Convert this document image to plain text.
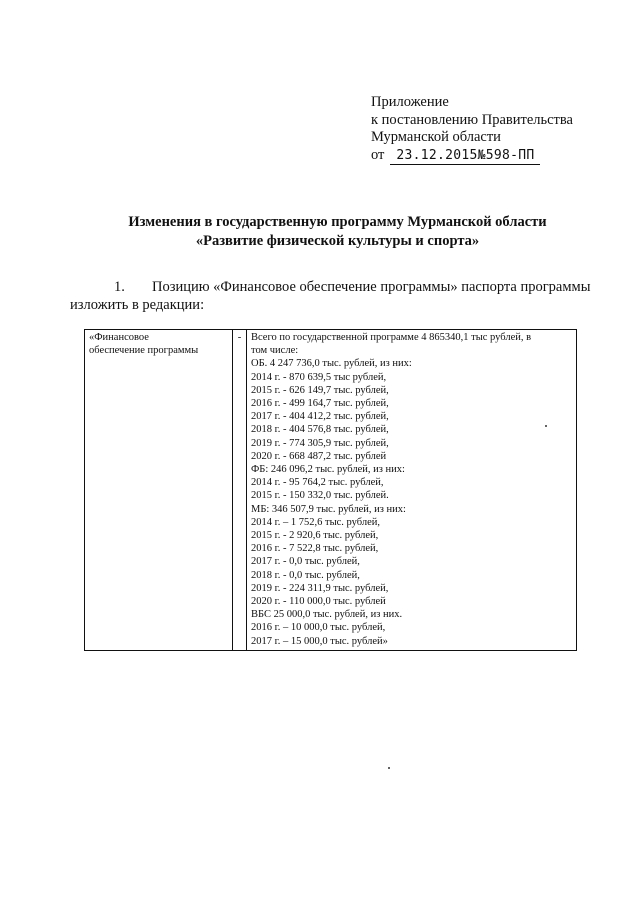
Приложение
к постановлению Правительства
Мурманской области
от 23.12.2015№598-ПП
Изменения в государственную программу Мурманской области
«Развитие физической культуры и спорта»
1. Позицию «Финансовое обеспечение программы» паспорта программы
изложить в редакции:
«Финансовое
обеспечение программы
	-	Всего по государственной программе 4 865340,1 тыс рублей, в
том числе:
ОБ. 4 247 736,0 тыс. рублей, из них:
2014 г. - 870 639,5 тыс рублей,
2015 г. - 626 149,7 тыс. рублей,
2016 г. - 499 164,7 тыс. рублей,
2017 г. - 404 412,2 тыс. рублей,
2018 г. - 404 576,8 тыс. рублей,
2019 г. - 774 305,9 тыс. рублей,
2020 г. - 668 487,2 тыс. рублей
ФБ: 246 096,2 тыс. рублей, из них:
2014 г. - 95 764,2 тыс. рублей,
2015 г. - 150 332,0 тыс. рублей.
МБ: 346 507,9 тыс. рублей, из них:
2014 г. – 1 752,6 тыс. рублей,
2015 г. - 2 920,6 тыс. рублей,
2016 г. - 7 522,8 тыс. рублей,
2017 г. - 0,0 тыс. рублей,
2018 г. - 0,0 тыс. рублей,
2019 г. - 224 311,9 тыс. рублей,
2020 г. - 110 000,0 тыс. рублей
ВБС 25 000,0 тыс. рублей, из них.
2016 г. – 10 000,0 тыс. рублей,
2017 г. – 15 000,0 тыс. рублей»
